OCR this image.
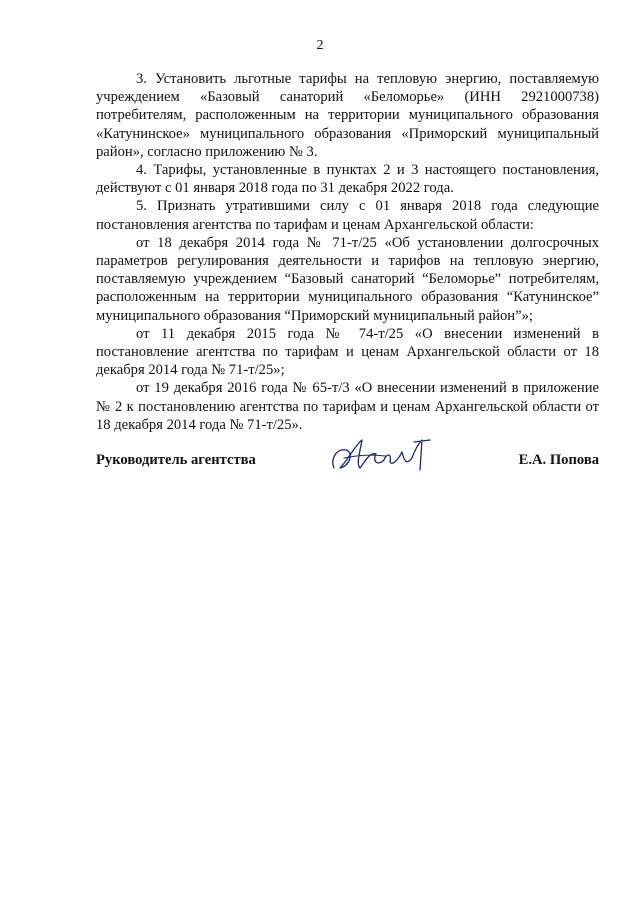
2

3. Установить льготные тарифы на тепловую энергию, поставляемую учреждением «Базовый санаторий «Беломорье» (ИНН 2921000738) потребителям, расположенным на территории муниципального образования «Катунинское» муниципального образования «Приморский муниципальный район», согласно приложению № 3.

4. Тарифы, установленные в пунктах 2 и 3 настоящего постановления, действуют с 01 января 2018 года по 31 декабря 2022 года.

5. Признать утратившими силу с 01 января 2018 года следующие постановления агентства по тарифам и ценам Архангельской области:

от 18 декабря 2014 года № 71-т/25 «Об установлении долгосрочных параметров регулирования деятельности и тарифов на тепловую энергию, поставляемую учреждением “Базовый санаторий “Беломорье” потребителям, расположенным на территории муниципального образования “Катунинское” муниципального образования “Приморский муниципальный район”»;

от 11 декабря 2015 года № 74-т/25 «О внесении изменений в постановление агентства по тарифам и ценам Архангельской области от 18 декабря 2014 года № 71-т/25»;

от 19 декабря 2016 года № 65-т/3 «О внесении изменений в приложение № 2 к постановлению агентства по тарифам и ценам Архангельской области от 18 декабря 2014 года № 71-т/25».

Руководитель агентства	Е.А. Попова
